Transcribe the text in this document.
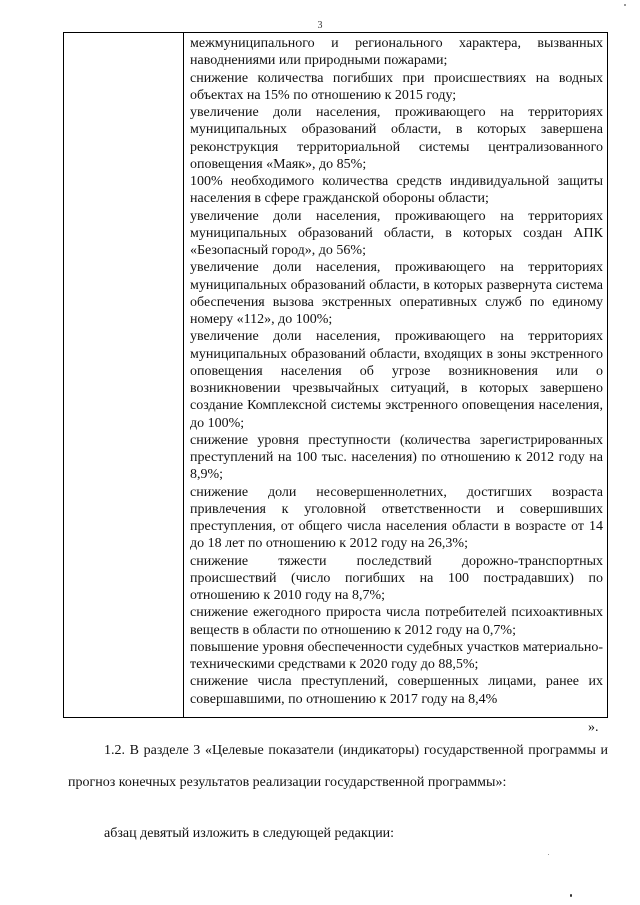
3
межмуниципального и регионального характера, вызванных наводнениями или природными пожарами;
снижение количества погибших при происшествиях на водных объектах на 15% по отношению к 2015 году;
увеличение доли населения, проживающего на территориях муниципальных образований области, в которых завершена реконструкция территориальной системы централизованного оповещения «Маяк», до 85%;
100% необходимого количества средств индивидуальной защиты населения в сфере гражданской обороны области;
увеличение доли населения, проживающего на территориях муниципальных образований области, в которых создан АПК «Безопасный город», до 56%;
увеличение доли населения, проживающего на территориях муниципальных образований области, в которых развернута система обеспечения вызова экстренных оперативных служб по единому номеру «112», до 100%;
увеличение доли населения, проживающего на территориях муниципальных образований области, входящих в зоны экстренного оповещения населения об угрозе возникновения или о возникновении чрезвычайных ситуаций, в которых завершено создание Комплексной системы экстренного оповещения населения, до 100%;
снижение уровня преступности (количества зарегистрированных преступлений на 100 тыс. населения) по отношению к 2012 году на 8,9%;
снижение доли несовершеннолетних, достигших возраста привлечения к уголовной ответственности и совершивших преступления, от общего числа населения области в возрасте от 14 до 18 лет по отношению к 2012 году на 26,3%;
снижение тяжести последствий дорожно-транспортных происшествий (число погибших на 100 пострадавших) по отношению к 2010 году на 8,7%;
снижение ежегодного прироста числа потребителей психоактивных веществ в области по отношению к 2012 году на 0,7%;
повышение уровня обеспеченности судебных участков материально-техническими средствами к 2020 году до 88,5%;
снижение числа преступлений, совершенных лицами, ранее их совершавшими, по отношению к 2017 году на 8,4%
».
1.2. В разделе 3 «Целевые показатели (индикаторы) государственной программы и прогноз конечных результатов реализации государственной программы»:
абзац девятый изложить в следующей редакции:
